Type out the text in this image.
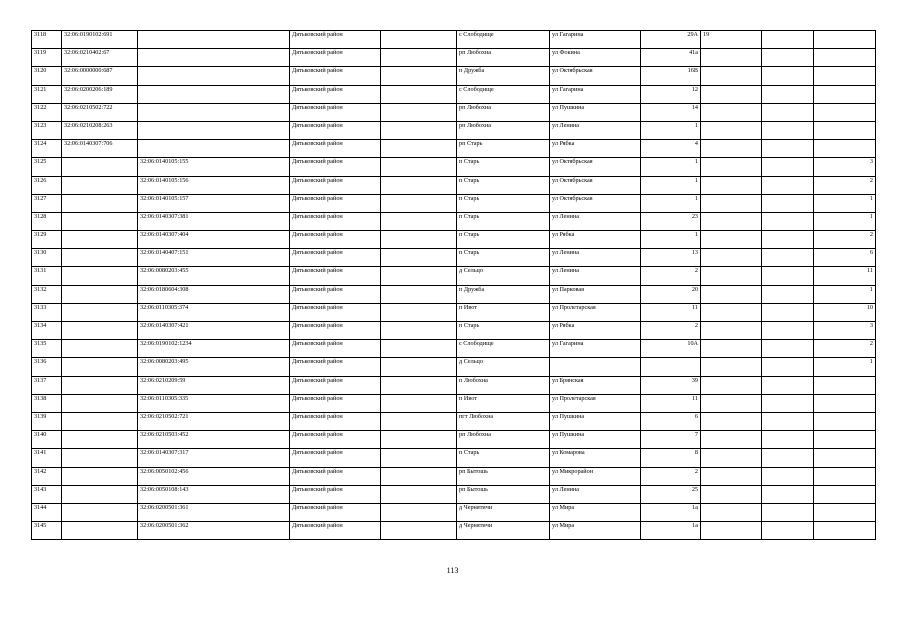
3118	32:06:0190102:691		Дятьковский район		с Слободище	ул Гагарина	29А	19		
3119	32:06:0210402:67		Дятьковский район		рп Любохна	ул Фокина	41а			
3120	32:06:0000000:687		Дятьковский район		п Дружба	ул Октябрьская	16В			
3121	32:06:0200206:189		Дятьковский район		с Слободище	ул Гагарина	12			
3122	32:06:0210502:722		Дятьковский район		рп Любохна	ул Пушкина	14			
3123	32:06:0210208:263		Дятьковский район		рп Любохна	ул Ленина	1			
3124	32:06:0140307:706		Дятьковский район		рп Старь	ул Рябка	4			
3125		32:06:0140105:155	Дятьковский район		п Старь	ул Октябрьская	1			3
3126		32:06:0140105:156	Дятьковский район		п Старь	ул Октябрьская	1			2
3127		32:06:0140105:157	Дятьковский район		п Старь	ул Октябрьская	1			1
3128		32:06:0140307:381	Дятьковский район		п Старь	ул Ленина	23			1
3129		32:06:0140307:404	Дятьковский район		п Старь	ул Рябка	1			2
3130		32:06:0140407:151	Дятьковский район		п Старь	ул Ленина	13			6
3131		32:06:0080203:455	Дятьковский район		д Сельцо	ул Ленина	2			11
3132		32:06:0180604:308	Дятьковский район		п Дружба	ул Парковая	20			1
3133		32:06:0110305:374	Дятьковский район		п Ивот	ул Пролетарская	11			10
3134		32:06:0140307:421	Дятьковский район		п Старь	ул Рябка	2			3
3135		32:06:0190102:1234	Дятьковский район		с Слободище	ул Гагарина	10А			2
3136		32:06:0080203:495	Дятьковский район		д Сельцо					1
3137		32:06:0210209:59	Дятьковский район		п Любохна	ул Брянская	39			
3138		32:06:0110305:335	Дятьковский район		п Ивот	ул Пролетарская	11			
3139		32:06:0210502:721	Дятьковский район		пгт Любохна	ул Пушкина	6			
3140		32:06:0210503:452	Дятьковский район		рп Любохна	ул Пушкина	7			
3141		32:06:0140307:317	Дятьковский район		п Старь	ул Комарова	8			
3142		32:06:0050102:456	Дятьковский район		рп Бытошь	ул Микрорайон	2			
3143		32:06:0050108:143	Дятьковский район		рп Бытошь	ул Ленина	25			
3144		32:06:0200501:361	Дятьковский район		д Чернятичи	ул Мира	1а			
3145		32:06:0200501:362	Дятьковский район		д Чернятичи	ул Мира	1а			
113
